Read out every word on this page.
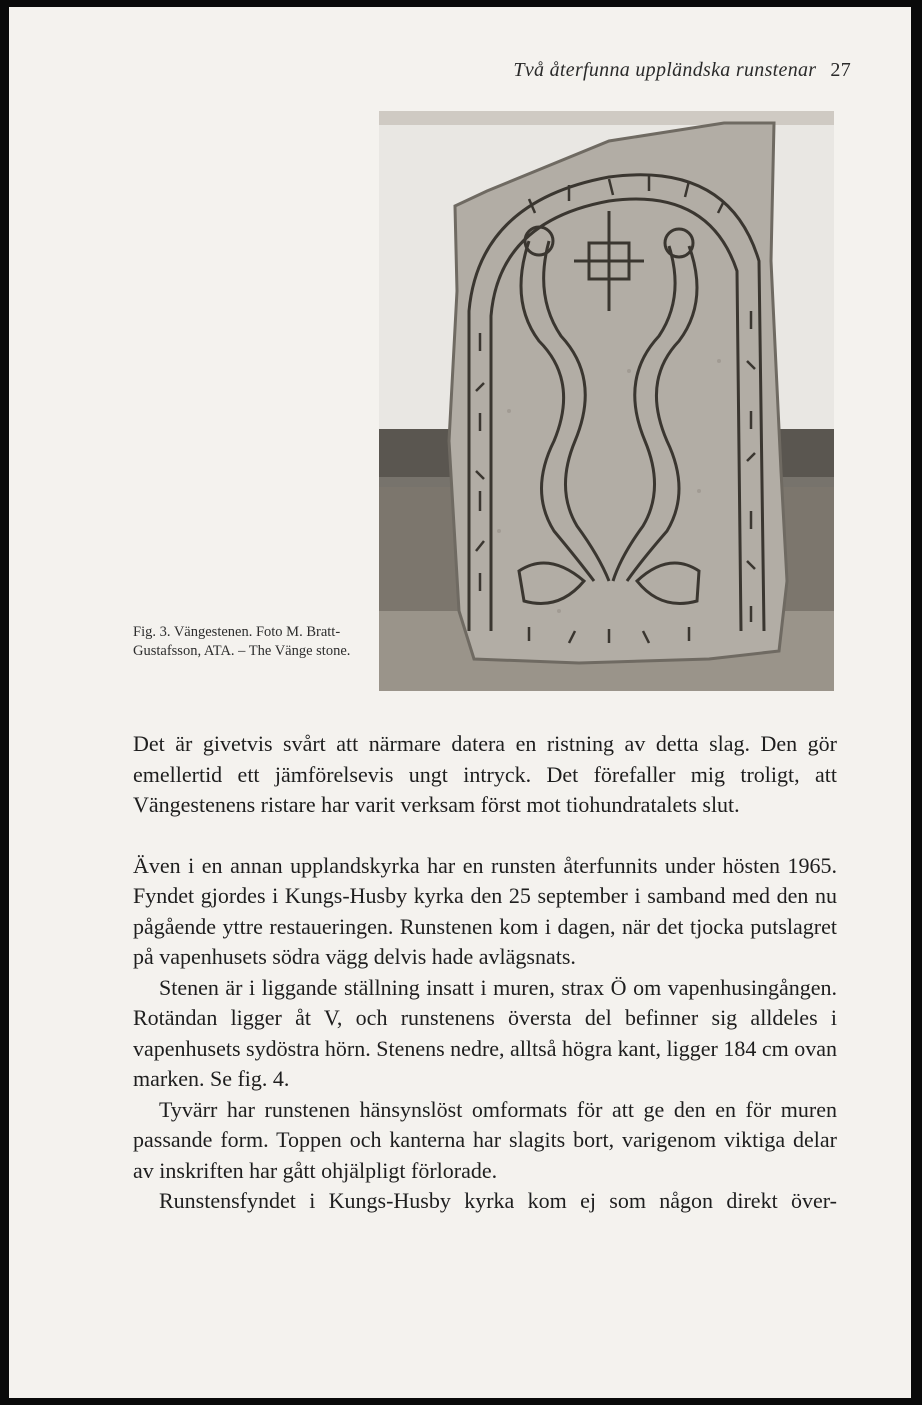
Två återfunna uppländska runstenar 27
Fig. 3. Vängestenen. Foto M. Bratt-Gustafsson, ATA. – The Vänge stone.

Det är givetvis svårt att närmare datera en ristning av detta slag. Den gör emellertid ett jämförelsevis ungt intryck. Det förefaller mig troligt, att Vängestenens ristare har varit verksam först mot tiohundratalets slut.

Även i en annan upplandskyrka har en runsten återfunnits under hösten 1965. Fyndet gjordes i Kungs-Husby kyrka den 25 september i samband med den nu pågående yttre restaueringen. Runstenen kom i dagen, när det tjocka putslagret på vapenhusets södra vägg delvis hade avlägsnats.

Stenen är i liggande ställning insatt i muren, strax Ö om vapenhusingången. Rotändan ligger åt V, och runstenens översta del befinner sig alldeles i vapenhusets sydöstra hörn. Stenens nedre, alltså högra kant, ligger 184 cm ovan marken. Se fig. 4.

Tyvärr har runstenen hänsynslöst omformats för att ge den en för muren passande form. Toppen och kanterna har slagits bort, varigenom viktiga delar av inskriften har gått ohjälpligt förlorade.

Runstensfyndet i Kungs-Husby kyrka kom ej som någon direkt över-
